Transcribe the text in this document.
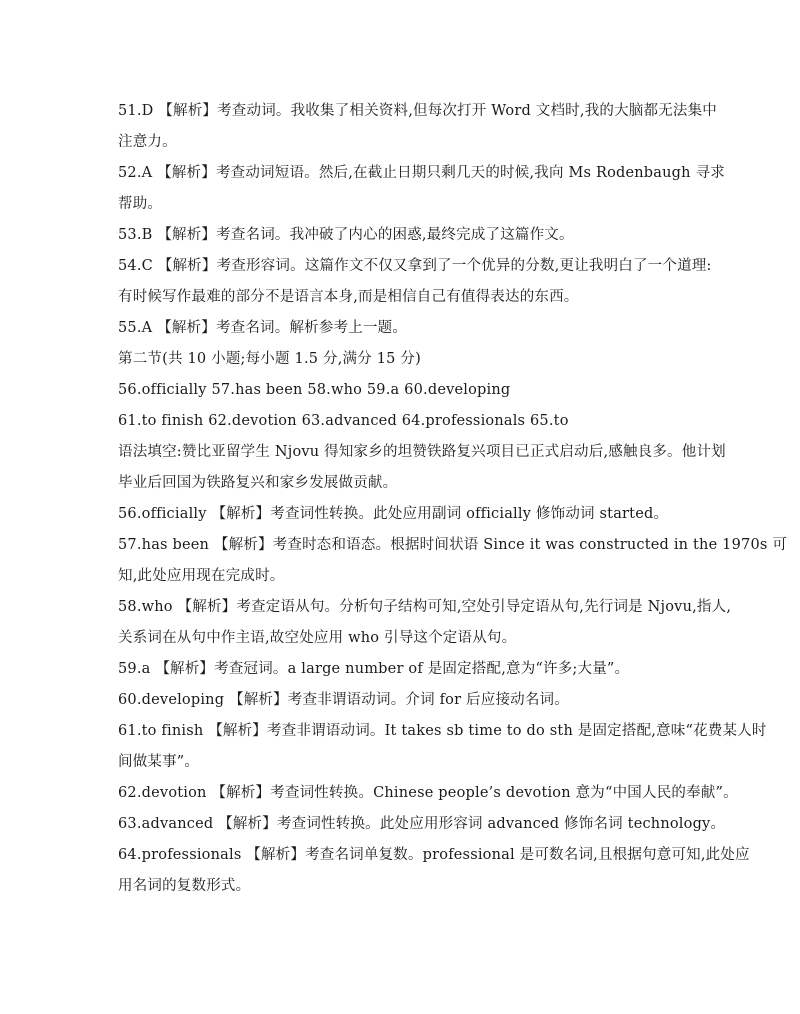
51.D 【解析】考查动词。我收集了相关资料,但每次打开 Word 文档时,我的大脑都无法集中
注意力。
52.A 【解析】考查动词短语。然后,在截止日期只剩几天的时候,我向 Ms Rodenbaugh 寻求
帮助。
53.B 【解析】考查名词。我冲破了内心的困惑,最终完成了这篇作文。
54.C 【解析】考查形容词。这篇作文不仅又拿到了一个优异的分数,更让我明白了一个道理:
有时候写作最难的部分不是语言本身,而是相信自己有值得表达的东西。
55.A 【解析】考查名词。解析参考上一题。
第二节(共 10 小题;每小题 1.5 分,满分 15 分)
56.officially 57.has been 58.who 59.a 60.developing
61.to finish 62.devotion 63.advanced 64.professionals 65.to
语法填空:赞比亚留学生 Njovu 得知家乡的坦赞铁路复兴项目已正式启动后,感触良多。他计划
毕业后回国为铁路复兴和家乡发展做贡献。
56.officially 【解析】考查词性转换。此处应用副词 officially 修饰动词 started。
57.has been 【解析】考查时态和语态。根据时间状语 Since it was constructed in the 1970s 可
知,此处应用现在完成时。
58.who 【解析】考查定语从句。分析句子结构可知,空处引导定语从句,先行词是 Njovu,指人,
关系词在从句中作主语,故空处应用 who 引导这个定语从句。
59.a 【解析】考查冠词。a large number of 是固定搭配,意为“许多;大量”。
60.developing 【解析】考查非谓语动词。介词 for 后应接动名词。
61.to finish 【解析】考查非谓语动词。It takes sb time to do sth 是固定搭配,意味“花费某人时
间做某事”。
62.devotion 【解析】考查词性转换。Chinese people’s devotion 意为“中国人民的奉献”。
63.advanced 【解析】考查词性转换。此处应用形容词 advanced 修饰名词 technology。
64.professionals 【解析】考查名词单复数。professional 是可数名词,且根据句意可知,此处应
用名词的复数形式。
